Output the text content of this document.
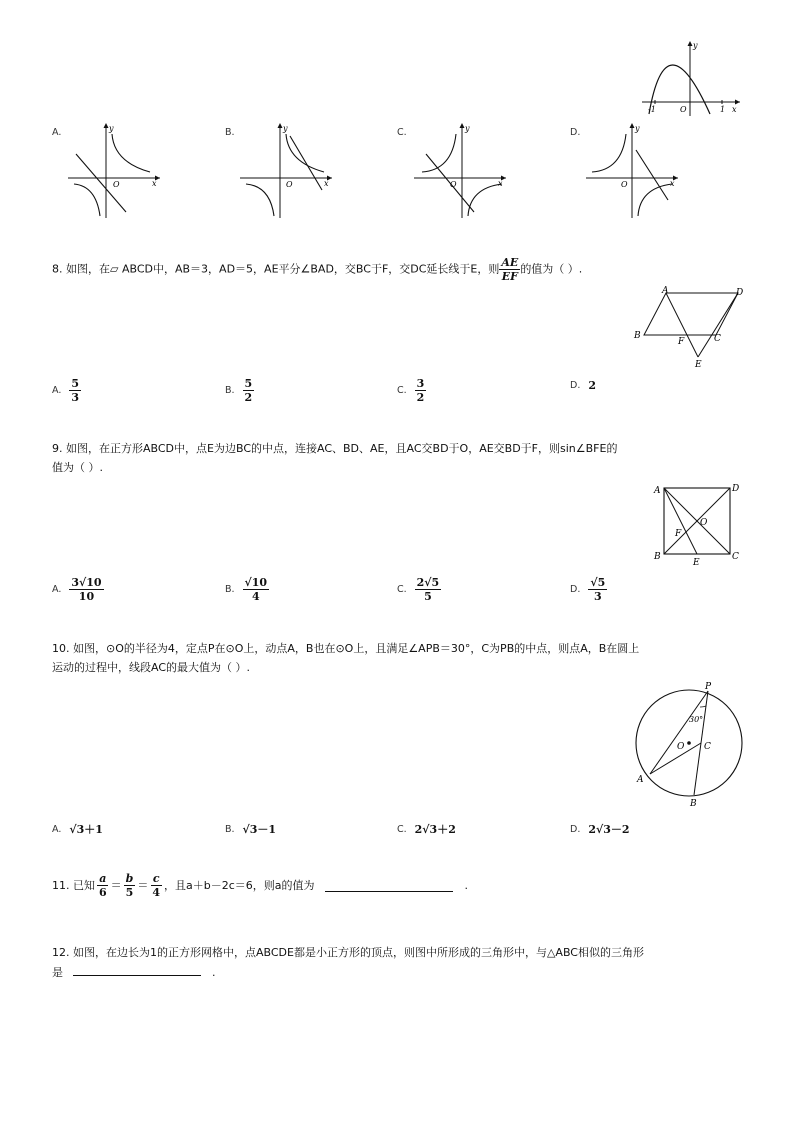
y
x
O
-1	1
A.	y
x
O
B.	y
x
O
C.	y
x
O
D.	y
x
O
8. 如图，在▱ ABCD中，AB＝3，AD＝5，AE平分∠BAD，交BC于F，交DC延长线于E，则 $\frac{AE}{EF}$ 的值为（ ）.
A	D
B	C
F
E
A. $\frac{5}{3}$	B. $\frac{5}{2}$	C. $\frac{3}{2}$	D. 2
9. 如图，在正方形ABCD中，点E为边BC的中点，连接AC、BD、AE，且AC交BD于O，AE交BD于F，则sin∠BFE的
值为（ ）.
A	D
B	C
E
F
O
A. $\frac{3√10}{10}$	B. $\frac{√10}{4}$	C. $\frac{2√5}{5}$	D. $\frac{√5}{3}$
10. 如图，⊙O的半径为4，定点P在⊙O上，动点A，B也在⊙O上，且满足∠APB＝30°，C为PB的中点，则点A，B在圆上
运动的过程中，线段AC的最大值为（ ）.
P
30°
O C
A
B
A. √3＋1	B. √3－1	C. 2√3＋2	D. 2√3－2
11. 已知 $\frac{a}{6} = \frac{b}{5} = \frac{c}{4}$ ，且a＋b－2c＝6，则a的值为	.
12. 如图，在边长为1的正方形网格中，点ABCDE都是小正方形的顶点，则图中所形成的三角形中，与△ABC相似的三角形
是	.
